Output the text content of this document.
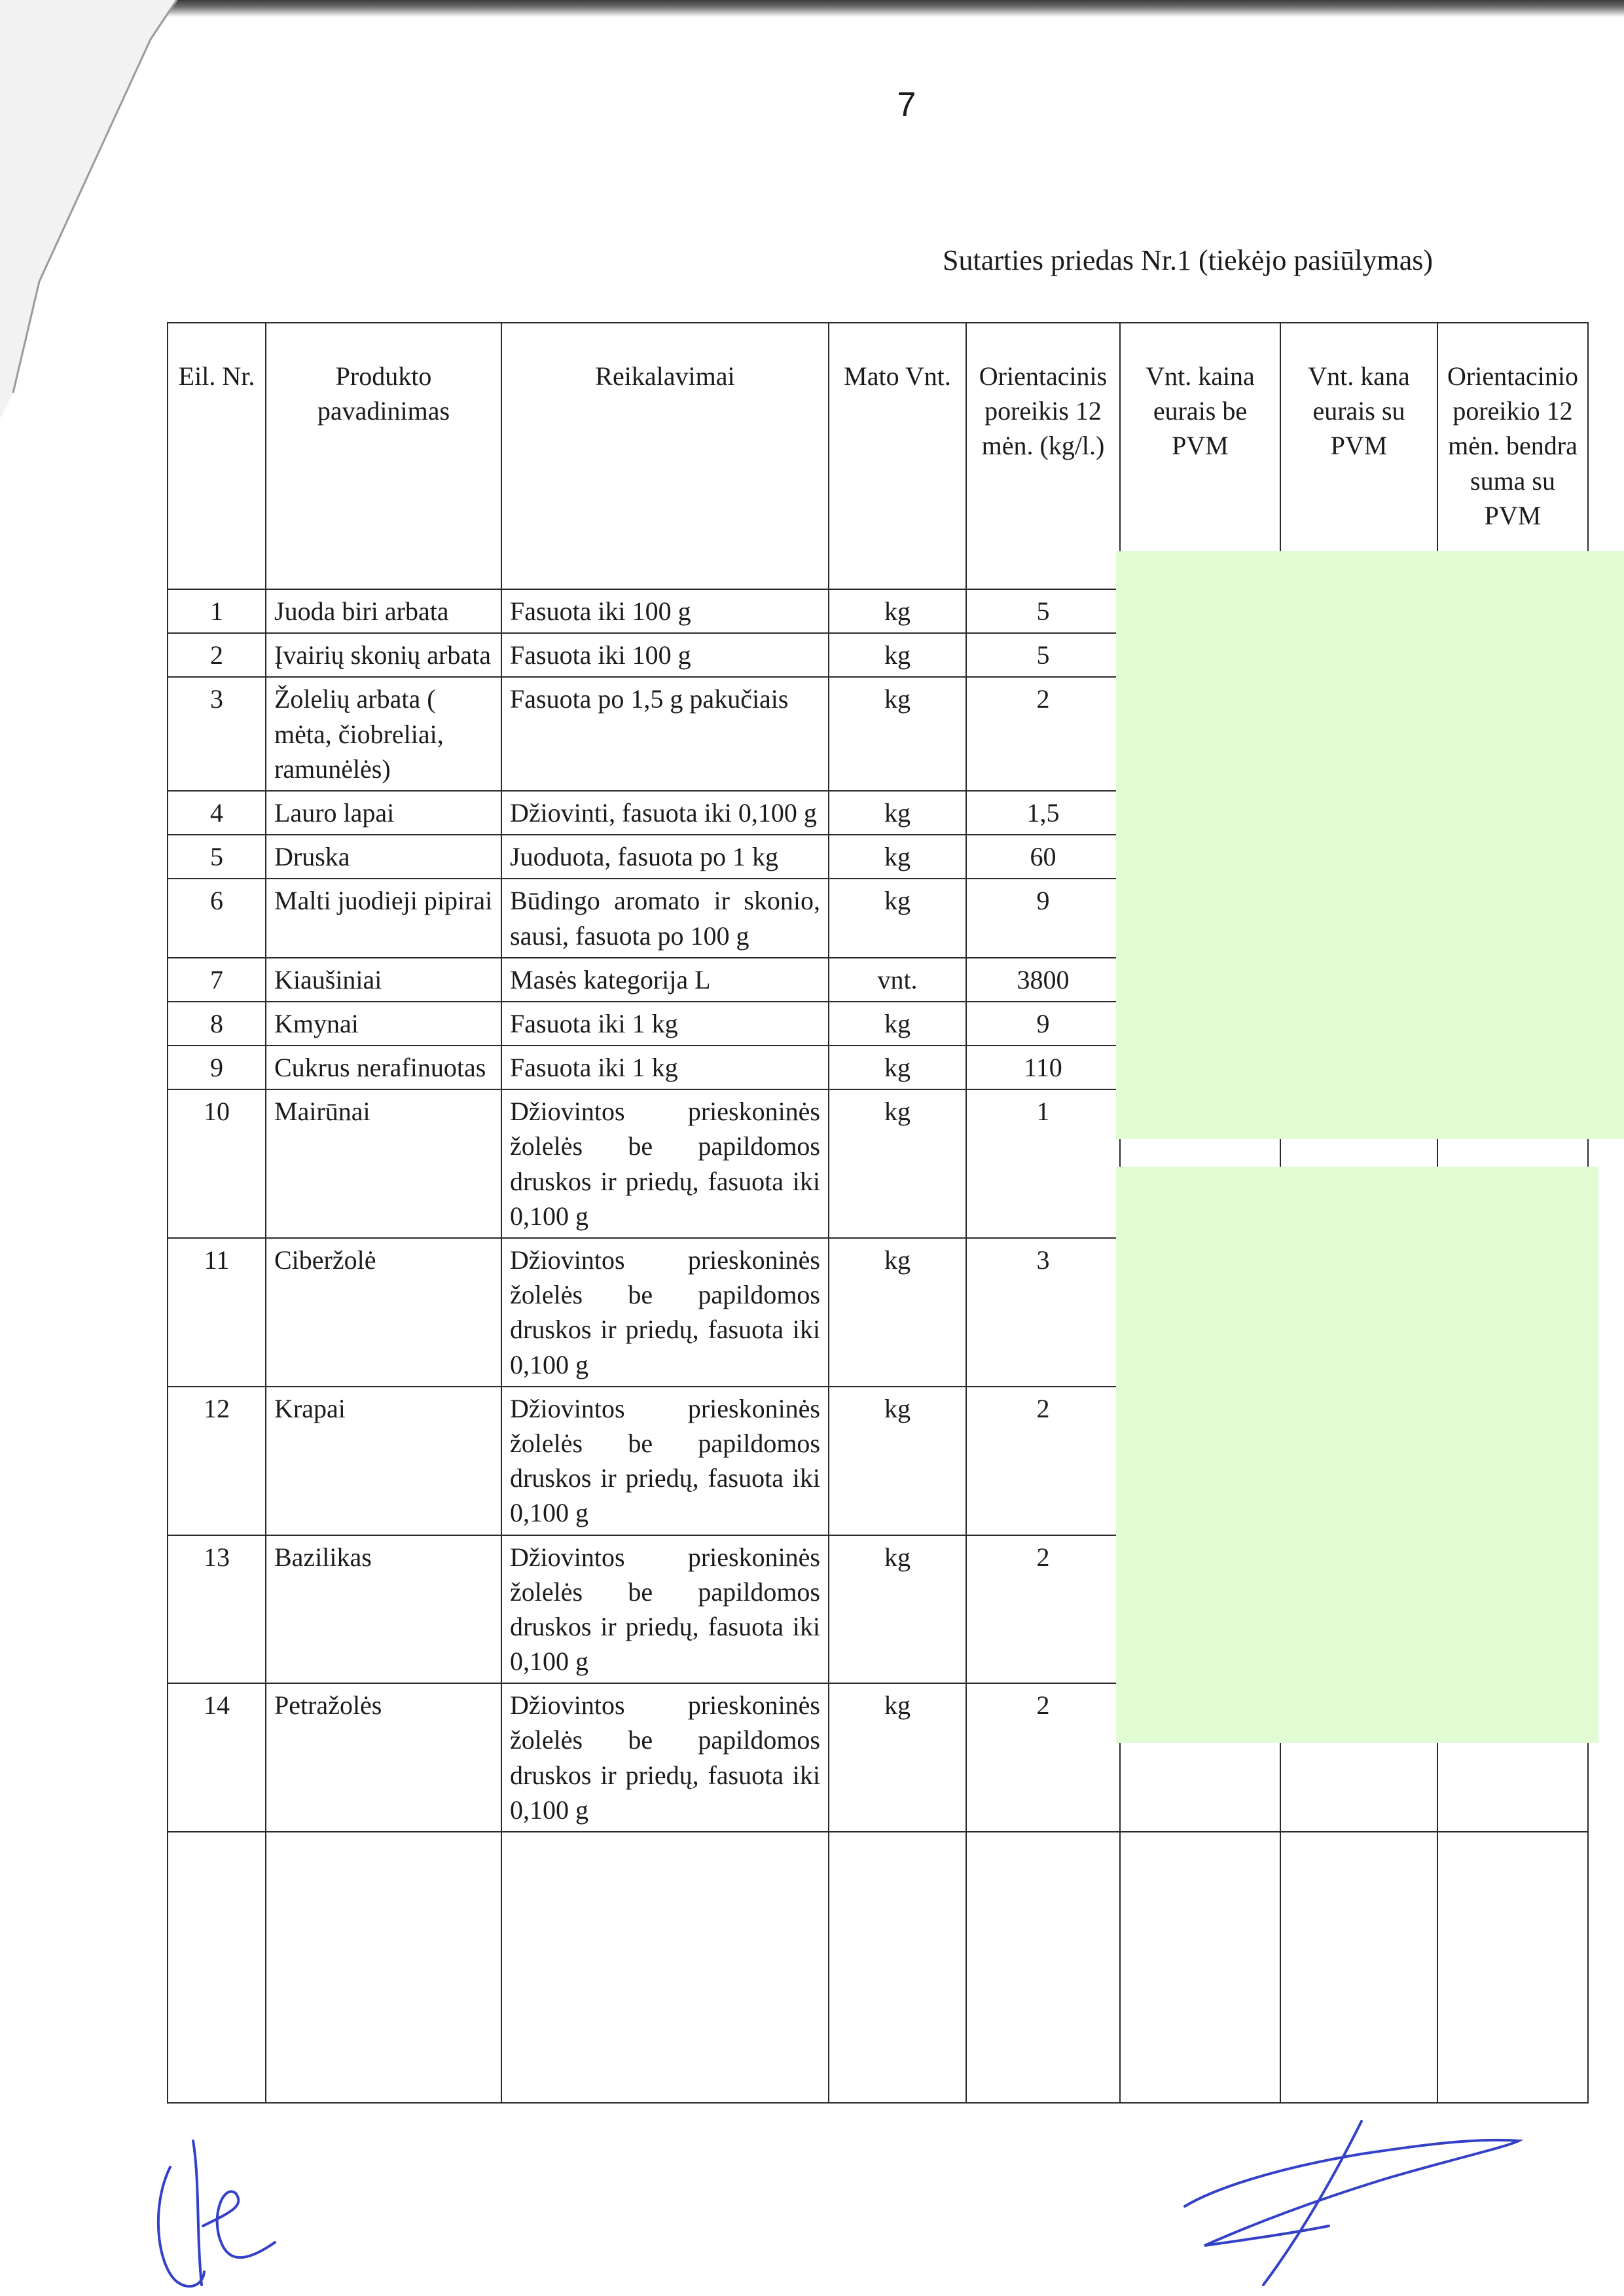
7
Sutarties priedas Nr.1 (tiekėjo pasiūlymas)
Eil. Nr.	Produkto pavadinimas	Reikalavimai	Mato Vnt.	Orientacinis poreikis 12 mėn. (kg/l.)	Vnt. kaina eurais be PVM	Vnt. kana eurais su PVM	Orientacinio poreikio 12 mėn. bendra suma su PVM
1	Juoda biri arbata	Fasuota iki 100 g	kg	5			
2	Įvairių skonių arbata	Fasuota iki 100 g	kg	5			
3	Žolelių arbata ( mėta, čiobreliai, ramunėlės)	Fasuota po 1,5 g pakučiais	kg	2			
4	Lauro lapai	Džiovinti, fasuota iki 0,100 g	kg	1,5			
5	Druska	Juoduota, fasuota po 1 kg	kg	60			
6	Malti juodieji pipirai	Būdingo aromato ir skonio, sausi, fasuota po 100 g	kg	9			
7	Kiaušiniai	Masės kategorija L	vnt.	3800			
8	Kmynai	Fasuota iki 1 kg	kg	9			
9	Cukrus nerafinuotas	Fasuota iki 1 kg	kg	110			
10	Mairūnai	Džiovintos prieskoninės žolelės be papildomos druskos ir priedų, fasuota iki 0,100 g	kg	1			
11	Ciberžolė	Džiovintos prieskoninės žolelės be papildomos druskos ir priedų, fasuota iki 0,100 g	kg	3			
12	Krapai	Džiovintos prieskoninės žolelės be papildomos druskos ir priedų, fasuota iki 0,100 g	kg	2			
13	Bazilikas	Džiovintos prieskoninės žolelės be papildomos druskos ir priedų, fasuota iki 0,100 g	kg	2			
14	Petražolės	Džiovintos prieskoninės žolelės be papildomos druskos ir priedų, fasuota iki 0,100 g	kg	2			
